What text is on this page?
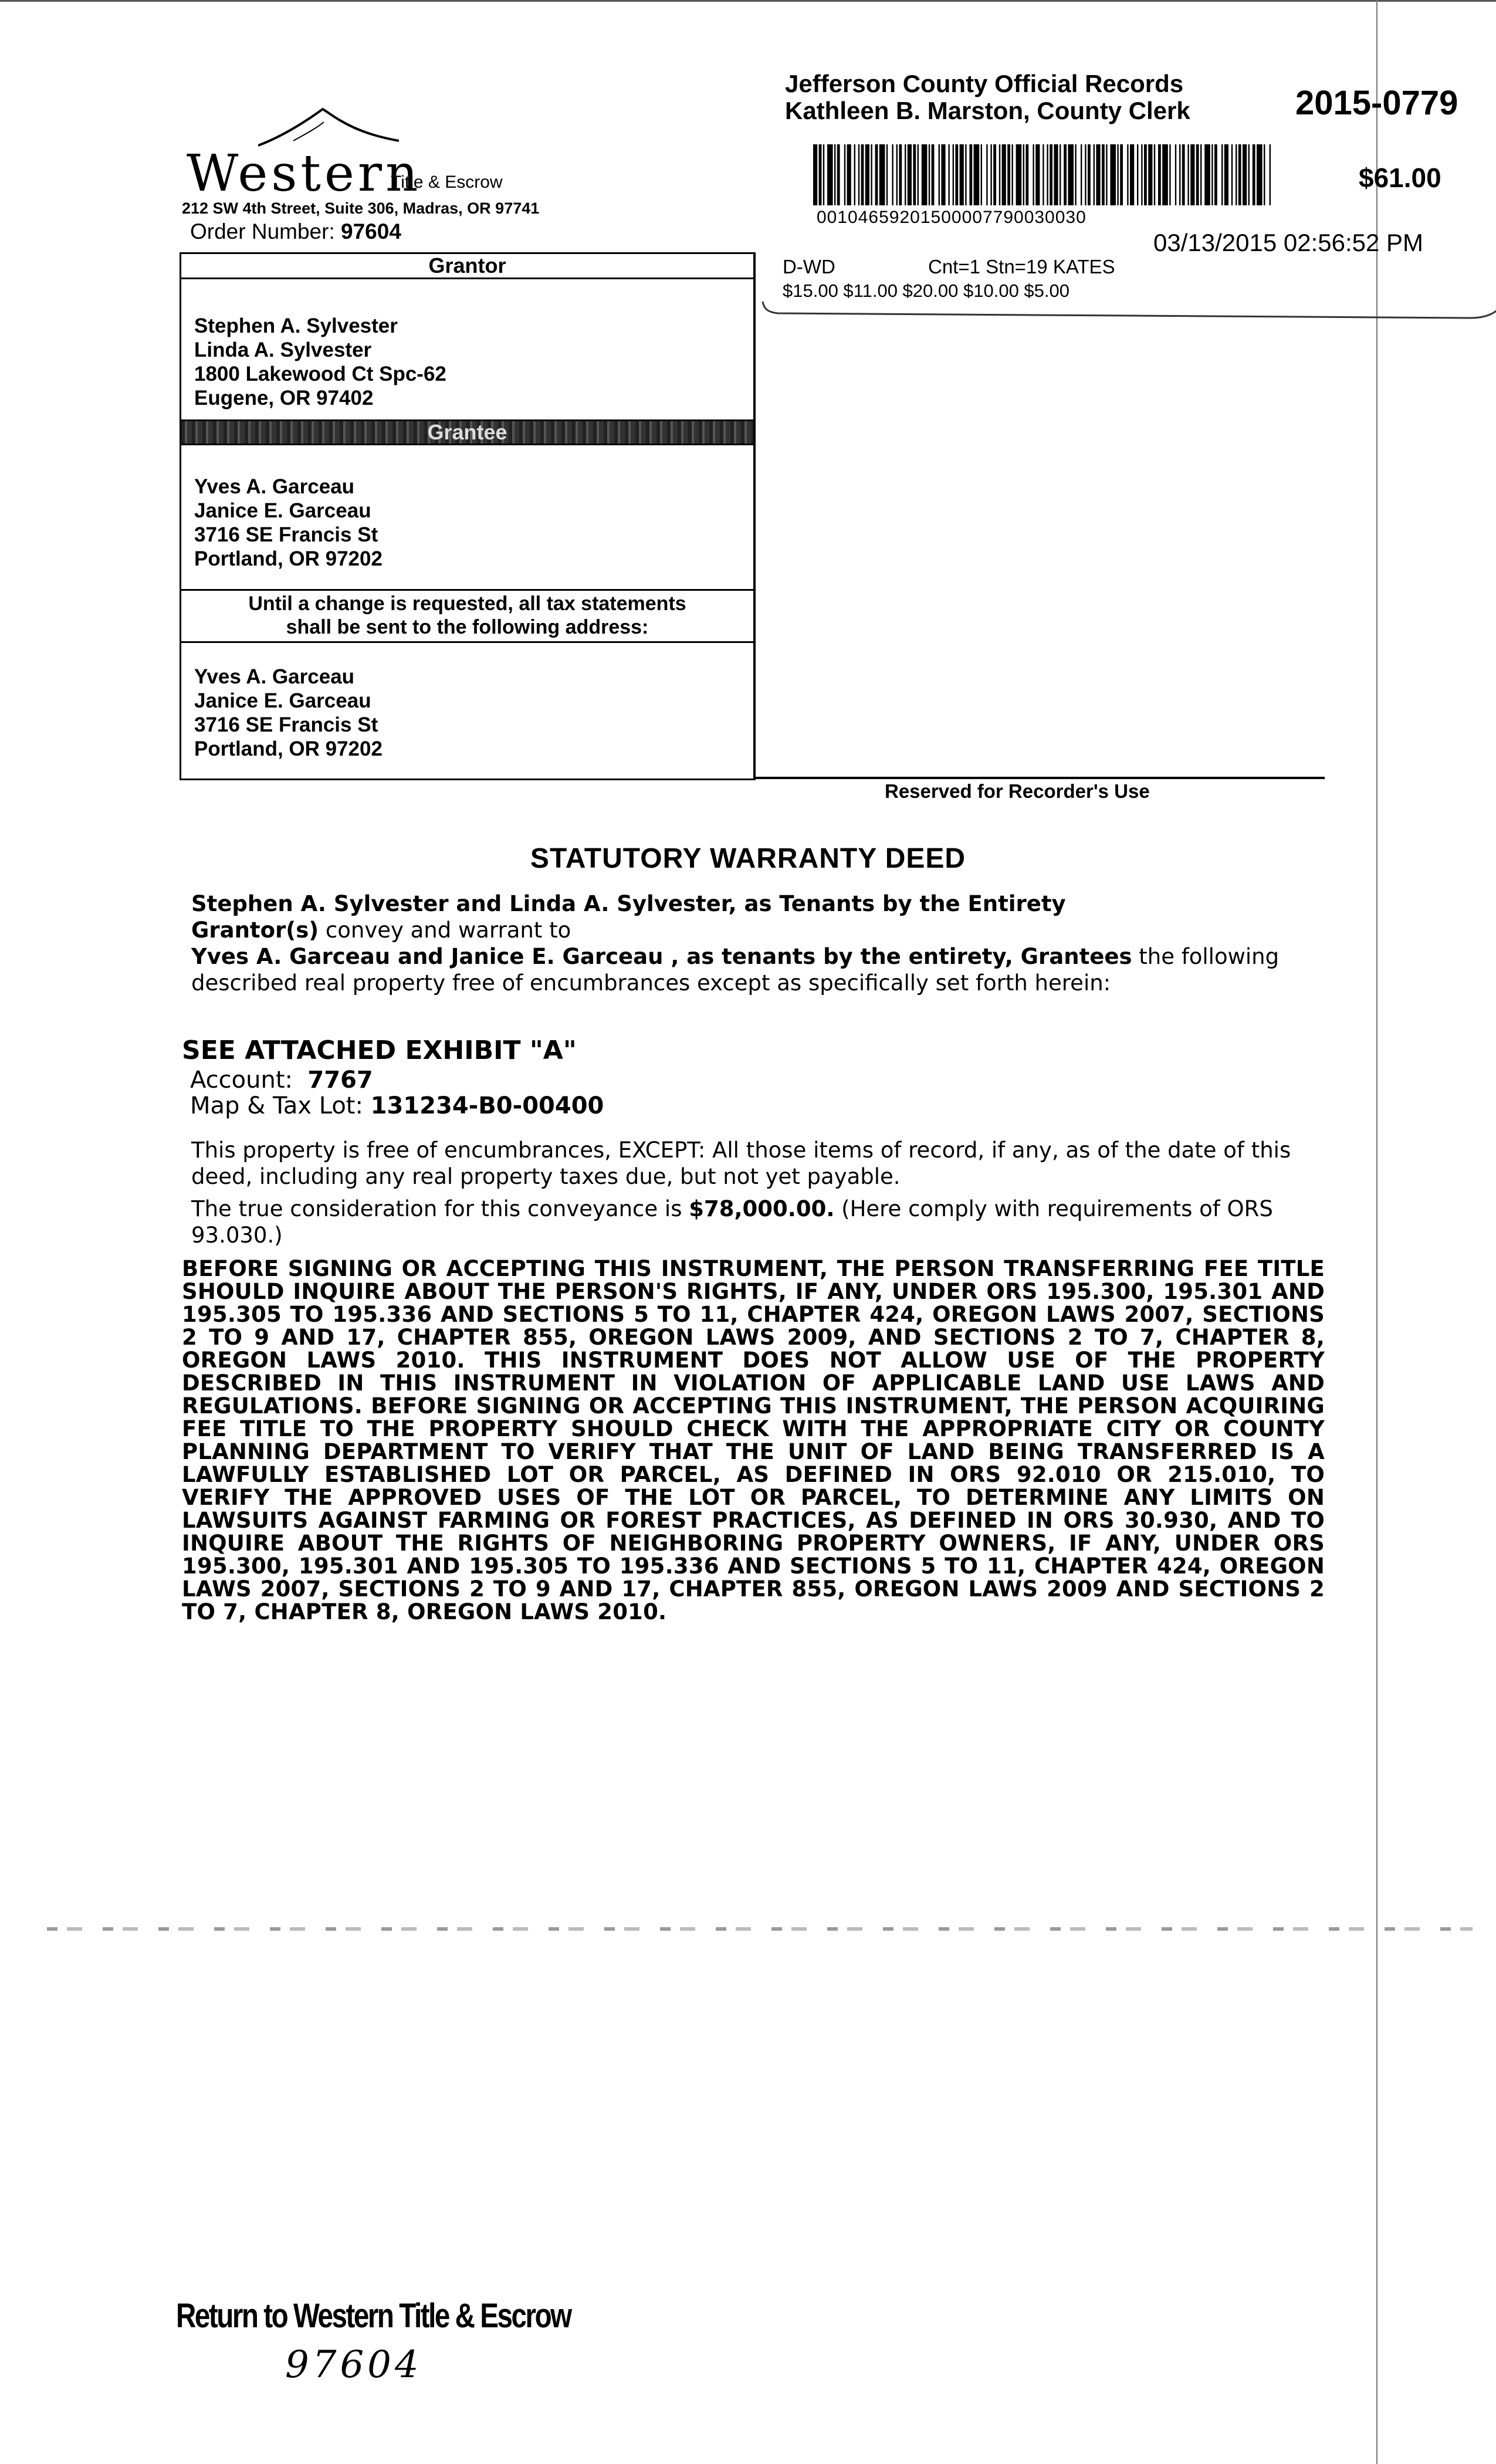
Western
Title & Escrow
212 SW 4th Street, Suite 306, Madras, OR 97741
Order Number: 97604
Grantor
Stephen A. Sylvester
Linda A. Sylvester
1800 Lakewood Ct Spc-62
Eugene, OR 97402
Grantee
Yves A. Garceau
Janice E. Garceau
3716 SE Francis St
Portland, OR 97202
Until a change is requested, all tax statements
shall be sent to the following address:
Yves A. Garceau
Janice E. Garceau
3716 SE Francis St
Portland, OR 97202
Jefferson County Official Records
Kathleen B. Marston, County Clerk	2015-0779
$61.00
00104659201500007790030030
03/13/2015 02:56:52 PM
D-WD	Cnt=1 Stn=19 KATES
$15.00 $11.00 $20.00 $10.00 $5.00
Reserved for Recorder's Use
STATUTORY WARRANTY DEED
Stephen A. Sylvester and Linda A. Sylvester, as Tenants by the Entirety
Grantor(s) convey and warrant to
Yves A. Garceau and Janice E. Garceau , as tenants by the entirety, Grantees the following described real property free of encumbrances except as specifically set forth herein:
SEE ATTACHED EXHIBIT "A"
Account: 7767
Map & Tax Lot: 131234-B0-00400
This property is free of encumbrances, EXCEPT: All those items of record, if any, as of the date of this deed, including any real property taxes due, but not yet payable.
The true consideration for this conveyance is $78,000.00. (Here comply with requirements of ORS 93.030.)
BEFORE SIGNING OR ACCEPTING THIS INSTRUMENT, THE PERSON TRANSFERRING FEE TITLE SHOULD INQUIRE ABOUT THE PERSON'S RIGHTS, IF ANY, UNDER ORS 195.300, 195.301 AND 195.305 TO 195.336 AND SECTIONS 5 TO 11, CHAPTER 424, OREGON LAWS 2007, SECTIONS 2 TO 9 AND 17, CHAPTER 855, OREGON LAWS 2009, AND SECTIONS 2 TO 7, CHAPTER 8, OREGON LAWS 2010. THIS INSTRUMENT DOES NOT ALLOW USE OF THE PROPERTY DESCRIBED IN THIS INSTRUMENT IN VIOLATION OF APPLICABLE LAND USE LAWS AND REGULATIONS. BEFORE SIGNING OR ACCEPTING THIS INSTRUMENT, THE PERSON ACQUIRING FEE TITLE TO THE PROPERTY SHOULD CHECK WITH THE APPROPRIATE CITY OR COUNTY PLANNING DEPARTMENT TO VERIFY THAT THE UNIT OF LAND BEING TRANSFERRED IS A LAWFULLY ESTABLISHED LOT OR PARCEL, AS DEFINED IN ORS 92.010 OR 215.010, TO VERIFY THE APPROVED USES OF THE LOT OR PARCEL, TO DETERMINE ANY LIMITS ON LAWSUITS AGAINST FARMING OR FOREST PRACTICES, AS DEFINED IN ORS 30.930, AND TO INQUIRE ABOUT THE RIGHTS OF NEIGHBORING PROPERTY OWNERS, IF ANY, UNDER ORS 195.300, 195.301 AND 195.305 TO 195.336 AND SECTIONS 5 TO 11, CHAPTER 424, OREGON LAWS 2007, SECTIONS 2 TO 9 AND 17, CHAPTER 855, OREGON LAWS 2009 AND SECTIONS 2 TO 7, CHAPTER 8, OREGON LAWS 2010.
Return to Western Title & Escrow
97604
